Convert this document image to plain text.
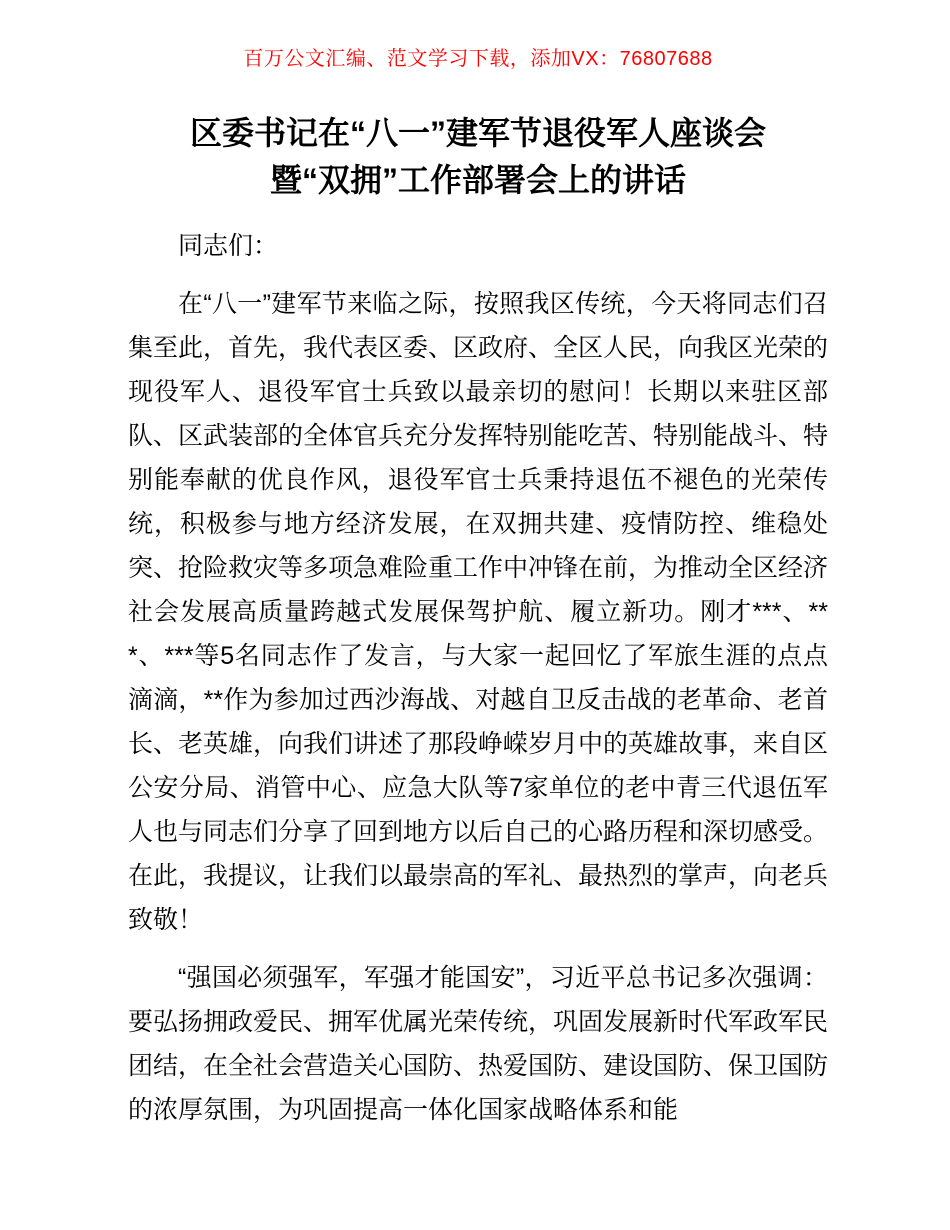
百万公文汇编、范文学习下载，添加VX：76807688
区委书记在“八一”建军节退役军人座谈会
暨“双拥”工作部署会上的讲话

同志们：

在“八一”建军节来临之际，按照我区传统，今天将同志们召集至此，首先，我代表区委、区政府、全区人民，向我区光荣的现役军人、退役军官士兵致以最亲切的慰问！长期以来驻区部队、区武装部的全体官兵充分发挥特别能吃苦、特别能战斗、特别能奉献的优良作风，退役军官士兵秉持退伍不褪色的光荣传统，积极参与地方经济发展，在双拥共建、疫情防控、维稳处突、抢险救灾等多项急难险重工作中冲锋在前，为推动全区经济社会发展高质量跨越式发展保驾护航、履立新功。刚才***、***、***等5名同志作了发言，与大家一起回忆了军旅生涯的点点滴滴，**作为参加过西沙海战、对越自卫反击战的老革命、老首长、老英雄，向我们讲述了那段峥嵘岁月中的英雄故事，来自区公安分局、消管中心、应急大队等7家单位的老中青三代退伍军人也与同志们分享了回到地方以后自己的心路历程和深切感受。在此，我提议，让我们以最崇高的军礼、最热烈的掌声，向老兵致敬！

“强国必须强军，军强才能国安”，习近平总书记多次强调：要弘扬拥政爱民、拥军优属光荣传统，巩固发展新时代军政军民团结，在全社会营造关心国防、热爱国防、建设国防、保卫国防的浓厚氛围，为巩固提高一体化国家战略体系和能
